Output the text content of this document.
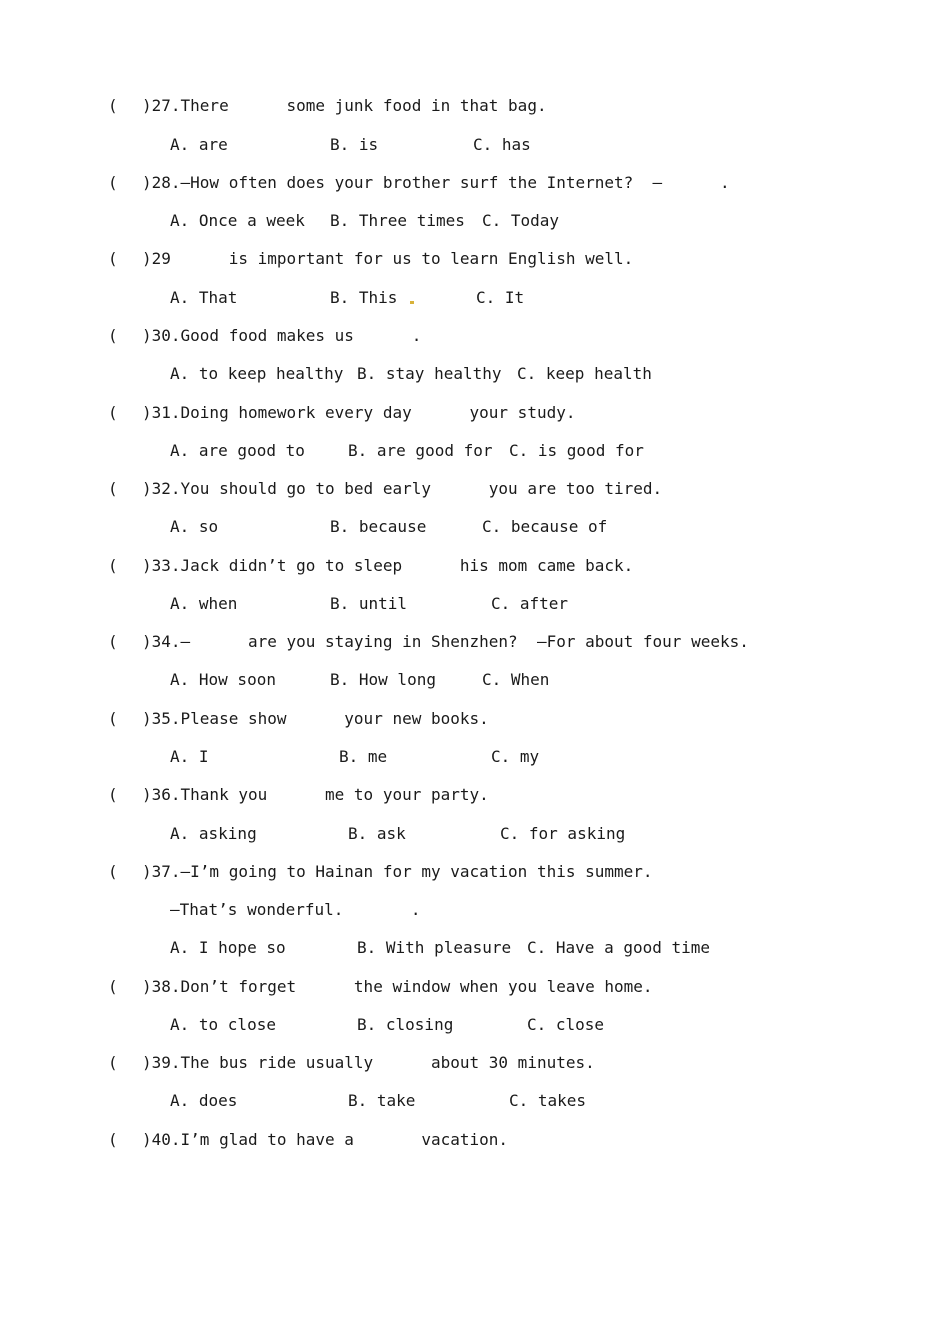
( )27.There      some junk food in that bag.
A. are	B. is	C. has
( )28.—How often does your brother surf the Internet?  —      .
A. Once a week B. Three times C. Today
( )29      is important for us to learn English well.
A. That	B. This	C. It
( )30.Good food makes us      .
A. to keep healthy B. stay healthy C. keep health
( )31.Doing homework every day      your study.
A. are good to	B. are good for C. is good for
( )32.You should go to bed early      you are too tired.
A. so	B. because	C. because of
( )33.Jack didn’t go to sleep      his mom came back.
A. when	B. until	C. after
( )34.—      are you staying in Shenzhen?  —For about four weeks.
A. How soon	B. How long	C. When
( )35.Please show      your new books.
A. I	B. me	C. my
( )36.Thank you      me to your party.
A. asking	B. ask	C. for asking
( )37.—I’m going to Hainan for my vacation this summer.
—That’s wonderful.       .
A. I hope so	B. With pleasure C. Have a good time
( )38.Don’t forget      the window when you leave home.
A. to close	B. closing	C. close
( )39.The bus ride usually      about 30 minutes.
A. does	B. take	C. takes
( )40.I’m glad to have a       vacation.
